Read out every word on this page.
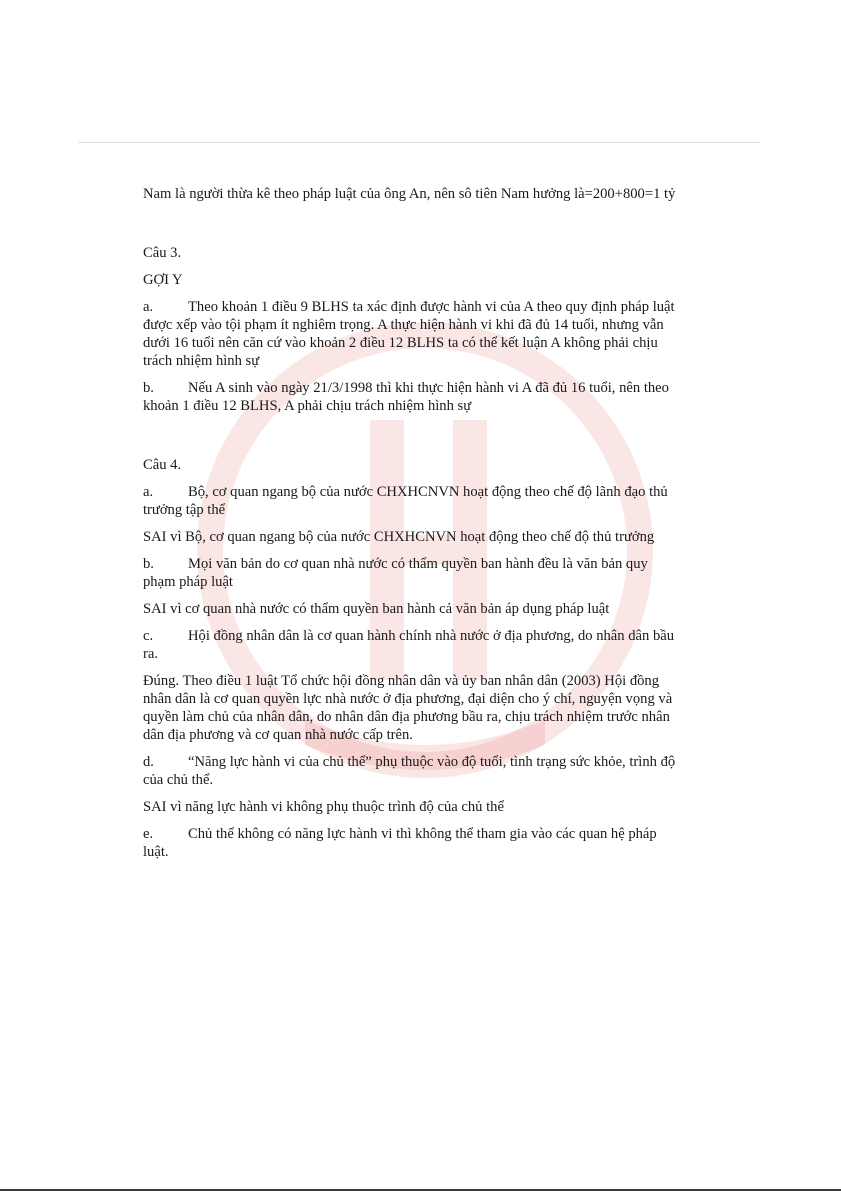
Nam là người thừa kê theo pháp luật của ông An, nên sô tiên Nam hưởng là=200+800=1 tỷ

Câu 3.

GỢI Y

a. Theo khoản 1 điều 9 BLHS ta xác định được hành vi của A theo quy định pháp luật được xếp vào tội phạm ít nghiêm trọng. A thực hiện hành vi khi đã đủ 14 tuổi, nhưng vẫn dưới 16 tuổi nên căn cứ vào khoản 2 điều 12 BLHS ta có thể kết luận A không phải chịu trách nhiệm hình sự

b. Nếu A sinh vào ngày 21/3/1998 thì khi thực hiện hành vi A đã đủ 16 tuổi, nên theo khoản 1 điều 12 BLHS, A phải chịu trách nhiệm hình sự

Câu 4.

a. Bộ, cơ quan ngang bộ của nước CHXHCNVN hoạt động theo chế độ lãnh đạo thủ trưởng tập thể

SAI vì Bộ, cơ quan ngang bộ của nước CHXHCNVN hoạt động theo chế độ thủ trưởng

b. Mọi văn bản do cơ quan nhà nước có thẩm quyền ban hành đều là văn bản quy phạm pháp luật

SAI vì cơ quan nhà nước có thẩm quyền ban hành cả văn bản áp dụng pháp luật

c. Hội đồng nhân dân là cơ quan hành chính nhà nước ở địa phương, do nhân dân bầu ra.

Đúng. Theo điều 1 luật Tổ chức hội đồng nhân dân và ủy ban nhân dân (2003) Hội đồng nhân dân là cơ quan quyền lực nhà nước ở địa phương, đại diện cho ý chí, nguyện vọng và quyền làm chủ của nhân dân, do nhân dân địa phương bầu ra, chịu trách nhiệm trước nhân dân địa phương và cơ quan nhà nước cấp trên.

d. “Năng lực hành vi của chủ thể” phụ thuộc vào độ tuổi, tình trạng sức khỏe, trình độ của chủ thể.

SAI vì năng lực hành vi không phụ thuộc trình độ của chủ thể

e. Chủ thể không có năng lực hành vi thì không thể tham gia vào các quan hệ pháp luật.
